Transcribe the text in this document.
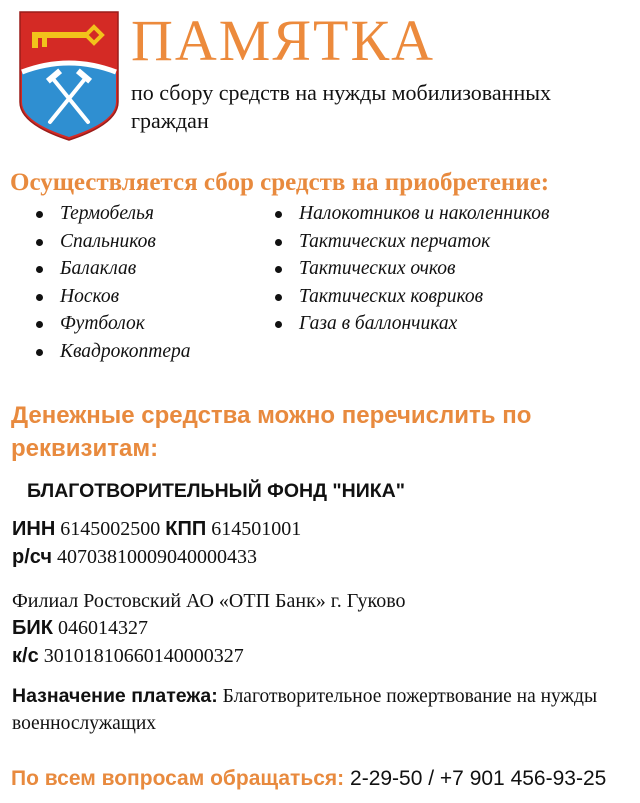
ПАМЯТКА
по сбору средств на нужды мобилизованных граждан
Осуществляется сбор средств на приобретение:
Термобелья
Спальников
Балаклав
Носков
Футболок
Квадрокоптера
Налокотников и наколенников
Тактических перчаток
Тактических очков
Тактических ковриков
Газа в баллончиках
Денежные средства можно перечислить по реквизитам:
БЛАГОТВОРИТЕЛЬНЫЙ ФОНД "НИКА"
ИНН 6145002500 КПП 614501001
р/сч 40703810009040000433
Филиал Ростовский АО «ОТП Банк» г. Гуково
БИК 046014327
к/с 30101810660140000327
Назначение платежа: Благотворительное пожертвование на нужды военнослужащих
По всем вопросам обращаться: 2-29-50 / +7 901 456-93-25
